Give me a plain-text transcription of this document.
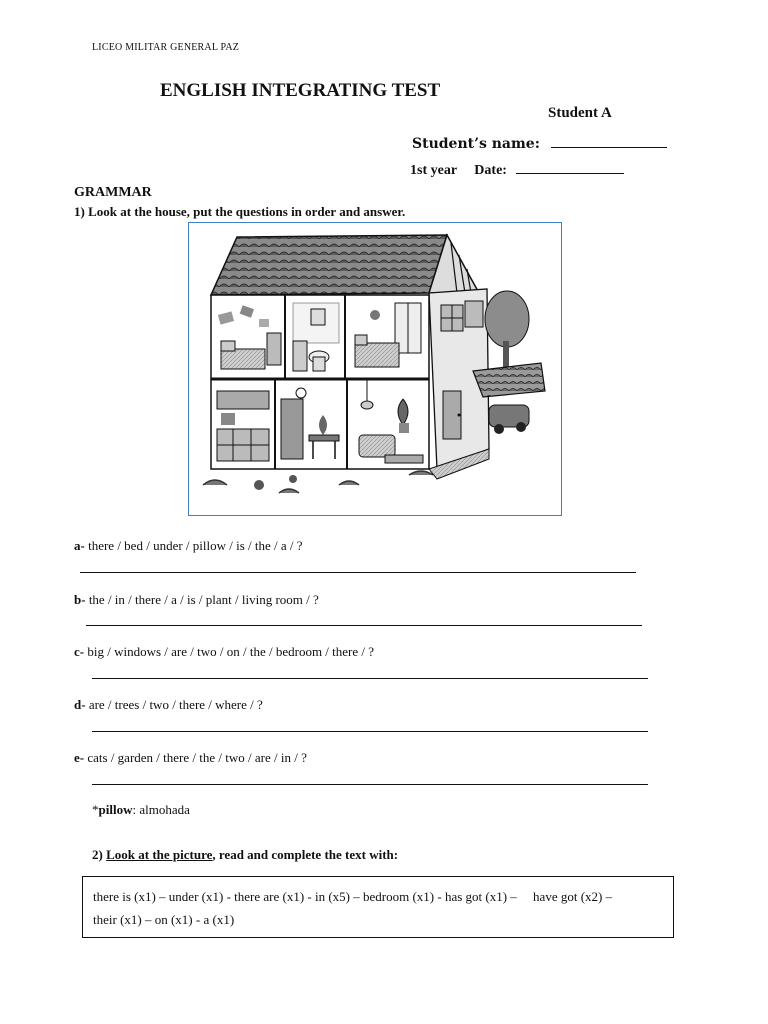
LICEO MILITAR GENERAL PAZ
ENGLISH INTEGRATING TEST
Student A
Student’s name:
1st year Date:
GRAMMAR
1) Look at the house, put the questions in order and answer.
a- there / bed / under / pillow / is / the / a / ?
b- the / in / there / a / is / plant / living room / ?
c- big / windows / are / two / on / the / bedroom / there / ?
d- are / trees / two / there / where / ?
e- cats / garden / there / the / two / are / in / ?
*pillow: almohada
2) Look at the picture, read and complete the text with:
there is (x1) – under (x1) - there are (x1) - in (x5) – bedroom (x1) - has got (x1) –     have got (x2) –
their (x1) – on (x1) - a (x1)
